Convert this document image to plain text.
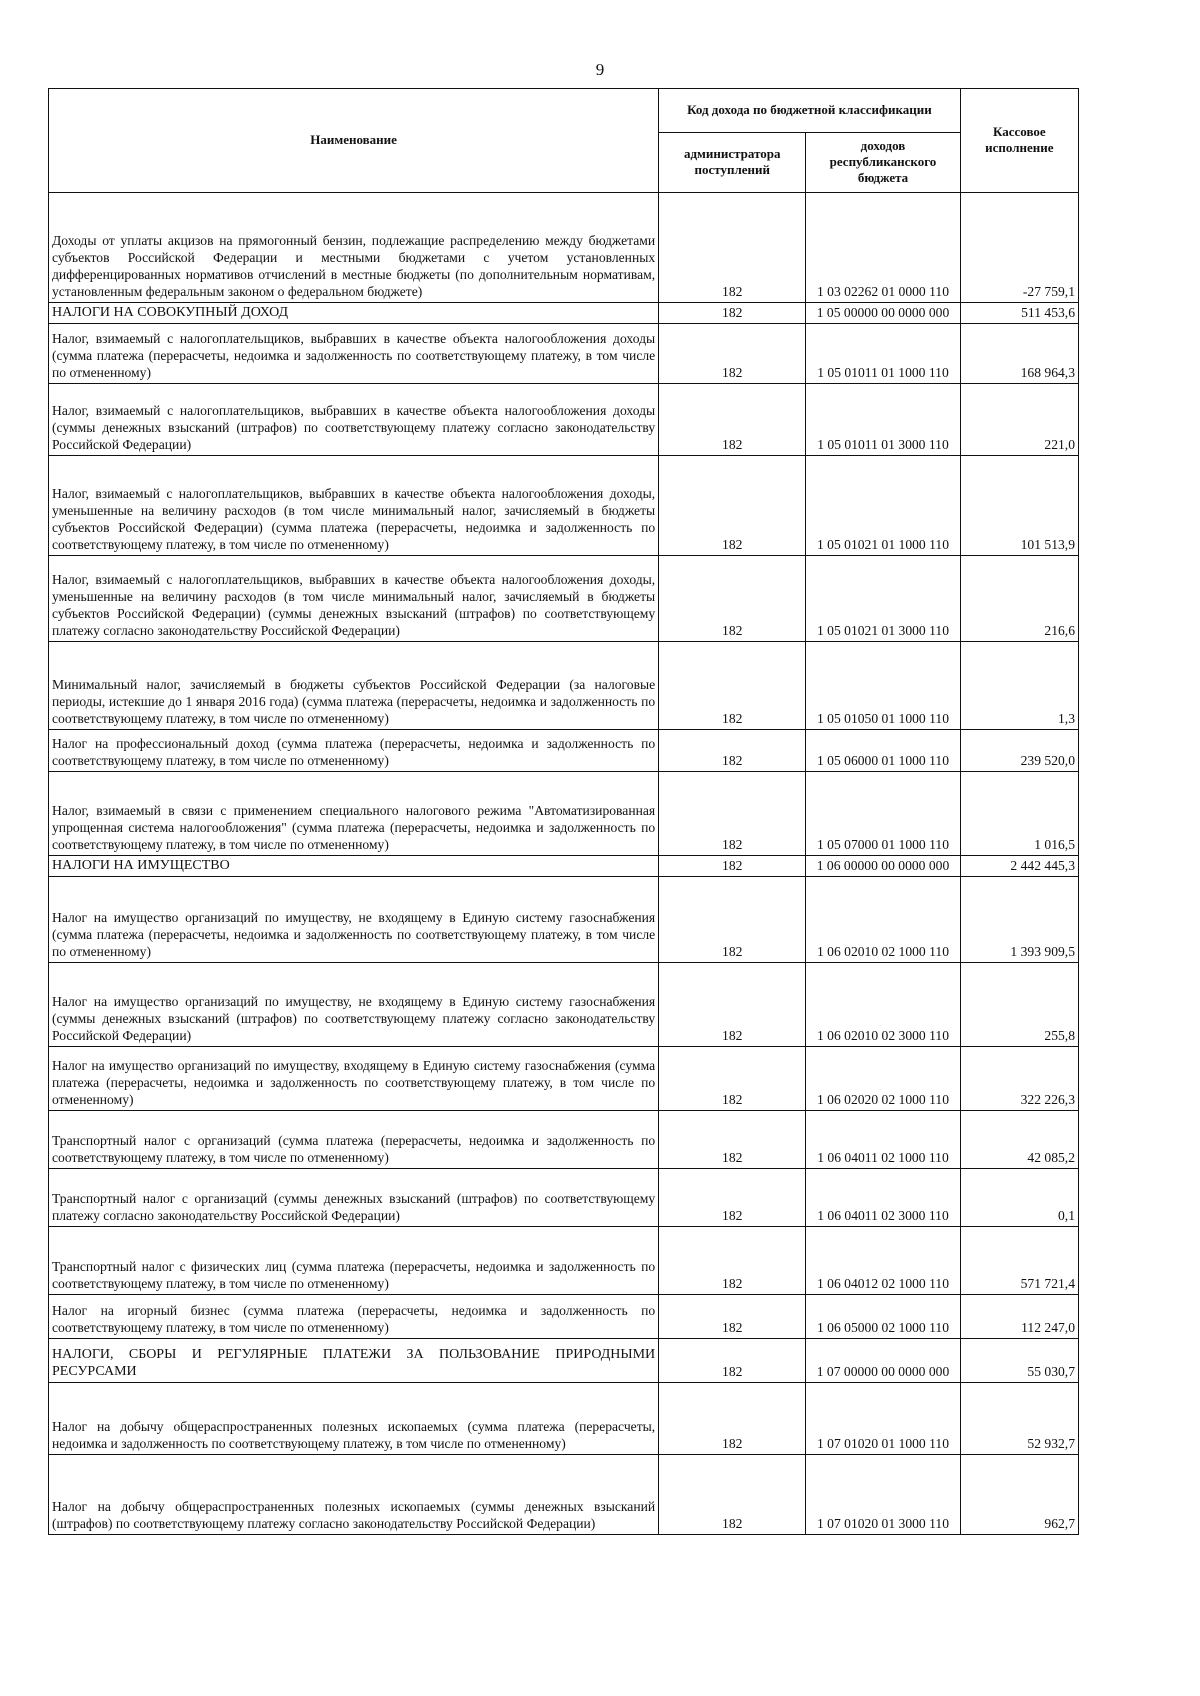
9
Наименование	Код дохода по бюджетной классификации		Кассовое исполнение
	администратора поступлений	доходов республиканского бюджета	
Доходы от уплаты акцизов на прямогонный бензин, подлежащие распределению между бюджетами субъектов Российской Федерации и местными бюджетами с учетом установленных дифференцированных нормативов отчислений в местные бюджеты (по дополнительным нормативам, установленным федеральным законом о федеральном бюджете)	182	1 03 02262 01 0000 110	-27 759,1
НАЛОГИ НА СОВОКУПНЫЙ ДОХОД	182	1 05 00000 00 0000 000	511 453,6
Налог, взимаемый с налогоплательщиков, выбравших в качестве объекта налогообложения доходы (сумма платежа (перерасчеты, недоимка и задолженность по соответствующему платежу, в том числе по отмененному)	182	1 05 01011 01 1000 110	168 964,3
Налог, взимаемый с налогоплательщиков, выбравших в качестве объекта налогообложения доходы (суммы денежных взысканий (штрафов) по соответствующему платежу согласно законодательству Российской Федерации)	182	1 05 01011 01 3000 110	221,0
Налог, взимаемый с налогоплательщиков, выбравших в качестве объекта налогообложения доходы, уменьшенные на величину расходов (в том числе минимальный налог, зачисляемый в бюджеты субъектов Российской Федерации) (сумма платежа (перерасчеты, недоимка и задолженность по соответствующему платежу, в том числе по отмененному)	182	1 05 01021 01 1000 110	101 513,9
Налог, взимаемый с налогоплательщиков, выбравших в качестве объекта налогообложения доходы, уменьшенные на величину расходов (в том числе минимальный налог, зачисляемый в бюджеты субъектов Российской Федерации) (суммы денежных взысканий (штрафов) по соответствующему платежу согласно законодательству Российской Федерации)	182	1 05 01021 01 3000 110	216,6
Минимальный налог, зачисляемый в бюджеты субъектов Российской Федерации (за налоговые периоды, истекшие до 1 января 2016 года) (сумма платежа (перерасчеты, недоимка и задолженность по соответствующему платежу, в том числе по отмененному)	182	1 05 01050 01 1000 110	1,3
Налог на профессиональный доход (сумма платежа (перерасчеты, недоимка и задолженность по соответствующему платежу, в том числе по отмененному)	182	1 05 06000 01 1000 110	239 520,0
Налог, взимаемый в связи с применением специального налогового режима "Автоматизированная упрощенная система налогообложения" (сумма платежа (перерасчеты, недоимка и задолженность по соответствующему платежу, в том числе по отмененному)	182	1 05 07000 01 1000 110	1 016,5
НАЛОГИ НА ИМУЩЕСТВО	182	1 06 00000 00 0000 000	2 442 445,3
Налог на имущество организаций по имуществу, не входящему в Единую систему газоснабжения (сумма платежа (перерасчеты, недоимка и задолженность по соответствующему платежу, в том числе по отмененному)	182	1 06 02010 02 1000 110	1 393 909,5
Налог на имущество организаций по имуществу, не входящему в Единую систему газоснабжения (суммы денежных взысканий (штрафов) по соответствующему платежу согласно законодательству Российской Федерации)	182	1 06 02010 02 3000 110	255,8
Налог на имущество организаций по имуществу, входящему в Единую систему газоснабжения (сумма платежа (перерасчеты, недоимка и задолженность по соответствующему платежу, в том числе по отмененному)	182	1 06 02020 02 1000 110	322 226,3
Транспортный налог с организаций (сумма платежа (перерасчеты, недоимка и задолженность по соответствующему платежу, в том числе по отмененному)	182	1 06 04011 02 1000 110	42 085,2
Транспортный налог с организаций (суммы денежных взысканий (штрафов) по соответствующему платежу согласно законодательству Российской Федерации)	182	1 06 04011 02 3000 110	0,1
Транспортный налог с физических лиц (сумма платежа (перерасчеты, недоимка и задолженность по соответствующему платежу, в том числе по отмененному)	182	1 06 04012 02 1000 110	571 721,4
Налог на игорный бизнес (сумма платежа (перерасчеты, недоимка и задолженность по соответствующему платежу, в том числе по отмененному)	182	1 06 05000 02 1000 110	112 247,0
НАЛОГИ, СБОРЫ И РЕГУЛЯРНЫЕ ПЛАТЕЖИ ЗА ПОЛЬЗОВАНИЕ ПРИРОДНЫМИ РЕСУРСАМИ	182	1 07 00000 00 0000 000	55 030,7
Налог на добычу общераспространенных полезных ископаемых (сумма платежа (перерасчеты, недоимка и задолженность по соответствующему платежу, в том числе по отмененному)	182	1 07 01020 01 1000 110	52 932,7
Налог на добычу общераспространенных полезных ископаемых (суммы денежных взысканий (штрафов) по соответствующему платежу согласно законодательству Российской Федерации)	182	1 07 01020 01 3000 110	962,7
